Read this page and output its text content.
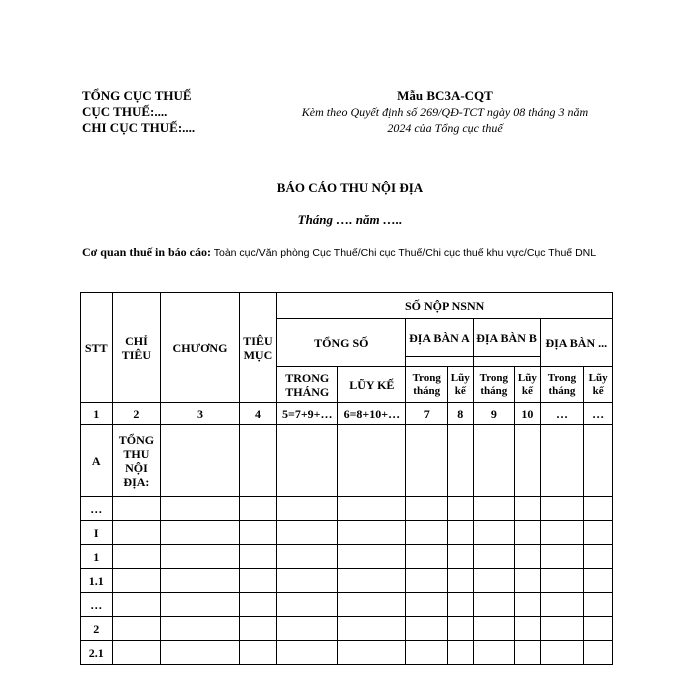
TỔNG CỤC THUẾ
CỤC THUẾ:....
CHI CỤC THUẾ:....
Mẫu BC3A-CQT
Kèm theo Quyết định số 269/QĐ-TCT ngày 08 tháng 3 năm
2024 của Tổng cục thuế
BÁO CÁO THU NỘI ĐỊA
Tháng …. năm …..
Cơ quan thuế in báo cáo: Toàn cục/Văn phòng Cục Thuế/Chi cục Thuế/Chi cục thuế khu vực/Cục Thuế DNL
STT	CHỈ TIÊU	CHƯƠNG	TIÊU MỤC	SỐ NỘP NSNN							
				TỔNG SỐ		ĐỊA BÀN A		ĐỊA BÀN B		ĐỊA BÀN ...	

				TRONG THÁNG	LŨY KẾ	Trong tháng	Lũy kế	Trong tháng	Lũy kế	Trong tháng	Lũy kế
1	2	3	4	5=7+9+…	6=8+10+…	7	8	9	10	…	…
A	TỔNG THU NỘI ĐỊA:										
…											
I											
1											
1.1											
…											
2											
2.1											
